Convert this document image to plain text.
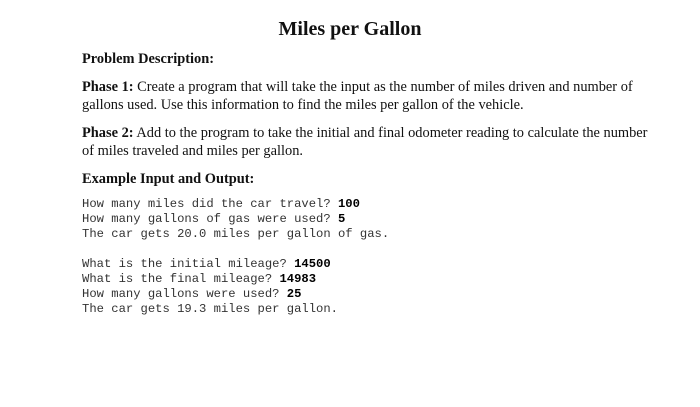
Miles per Gallon
Problem Description:
Phase 1: Create a program that will take the input as the number of miles driven and number of gallons used. Use this information to find the miles per gallon of the vehicle.
Phase 2: Add to the program to take the initial and final odometer reading to calculate the number of miles traveled and miles per gallon.
Example Input and Output:
How many miles did the car travel? 100
How many gallons of gas were used? 5
The car gets 20.0 miles per gallon of gas.
What is the initial mileage? 14500
What is the final mileage? 14983
How many gallons were used? 25
The car gets 19.3 miles per gallon.
